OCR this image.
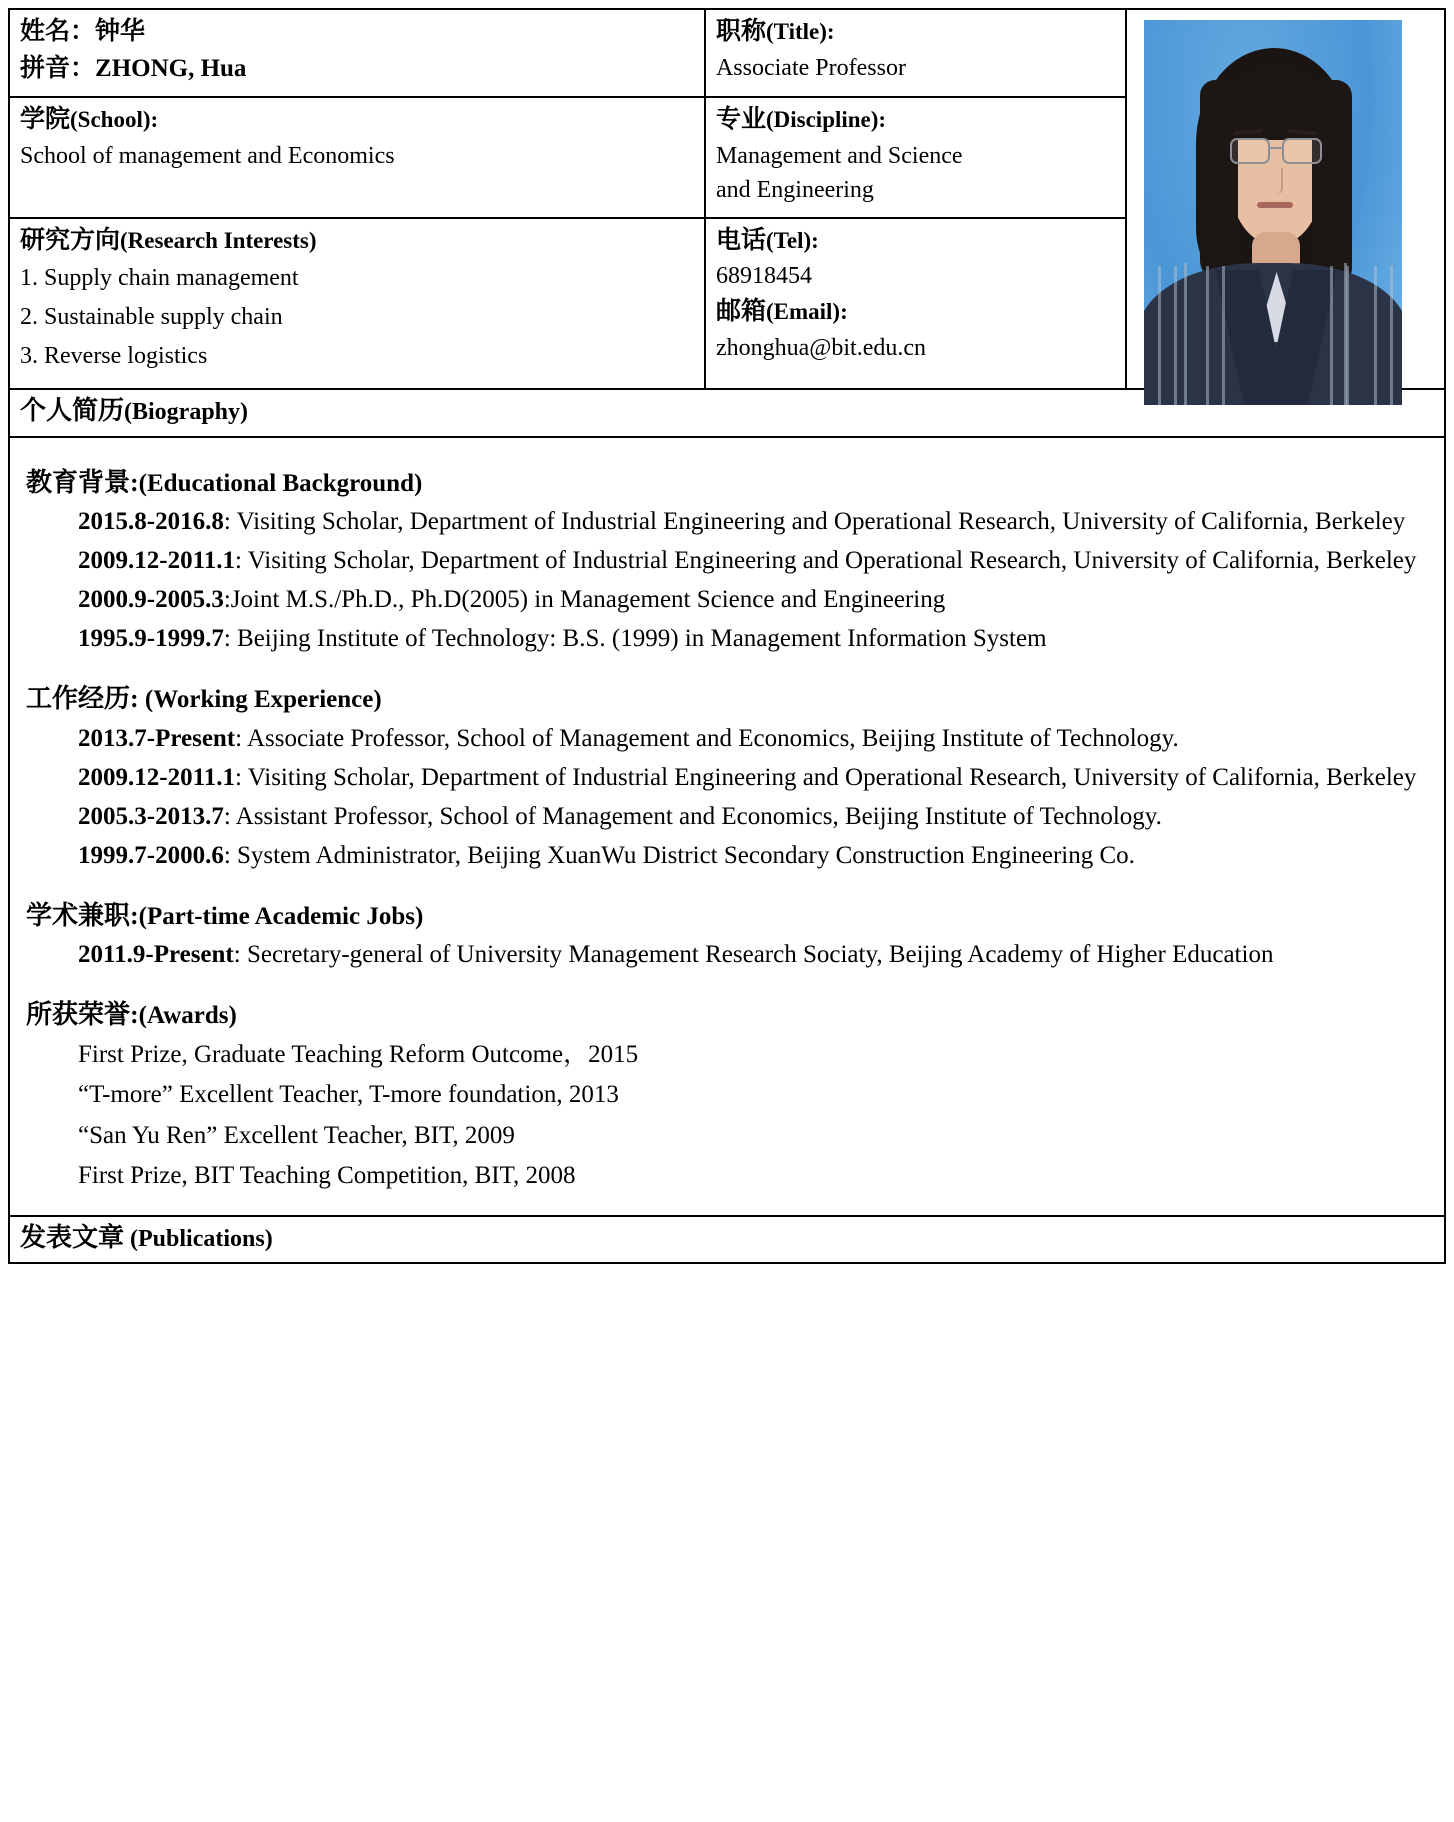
姓名：钟华
拼音：ZHONG, Hua

职称(Title):
Associate Professor

学院(School):
School of management and Economics

专业(Discipline):
Management and Science
and Engineering

研究方向(Research Interests)
1. Supply chain management
2. Sustainable supply chain
3. Reverse logistics

电话(Tel):
68918454
邮箱(Email):
zhonghua@bit.edu.cn
个人简历(Biography)
教育背景:(Educational Background)

2015.8-2016.8: Visiting Scholar, Department of Industrial Engineering and Operational Research, University of California, Berkeley

2009.12-2011.1: Visiting Scholar, Department of Industrial Engineering and Operational Research, University of California, Berkeley

2000.9-2005.3:Joint M.S./Ph.D., Ph.D(2005) in Management Science and Engineering

1995.9-1999.7: Beijing Institute of Technology: B.S. (1999) in Management Information System

工作经历: (Working Experience)

2013.7-Present: Associate Professor, School of Management and Economics, Beijing Institute of Technology.

2009.12-2011.1: Visiting Scholar, Department of Industrial Engineering and Operational Research, University of California, Berkeley

2005.3-2013.7: Assistant Professor, School of Management and Economics, Beijing Institute of Technology.

1999.7-2000.6: System Administrator, Beijing XuanWu District Secondary Construction Engineering Co.

学术兼职:(Part-time Academic Jobs)

2011.9-Present: Secretary-general of University Management Research Sociaty, Beijing Academy of Higher Education

所获荣誉:(Awards)

First Prize, Graduate Teaching Reform Outcome，2015

“T-more” Excellent Teacher, T-more foundation, 2013

“San Yu Ren” Excellent Teacher, BIT, 2009

First Prize, BIT Teaching Competition, BIT, 2008

发表文章 (Publications)
